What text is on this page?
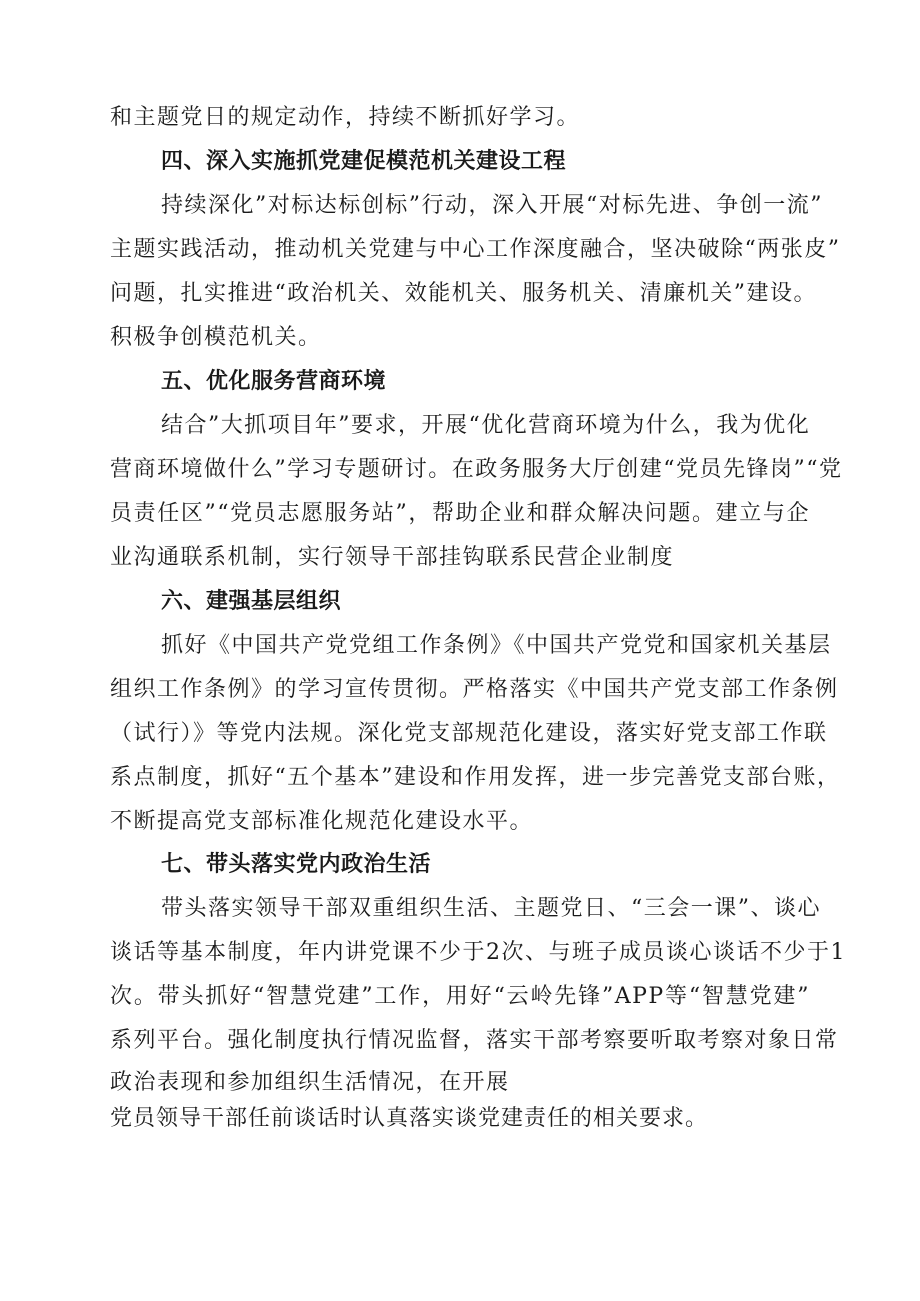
和主题党日的规定动作，持续不断抓好学习。
四、深入实施抓党建促模范机关建设工程
持续深化”对标达标创标”行动，深入开展“对标先进、争创一流”
主题实践活动，推动机关党建与中心工作深度融合，坚决破除“两张皮”
问题，扎实推进“政治机关、效能机关、服务机关、清廉机关”建设。
积极争创模范机关。
五、优化服务营商环境
结合”大抓项目年”要求，开展“优化营商环境为什么，我为优化
营商环境做什么”学习专题研讨。在政务服务大厅创建“党员先锋岗”“党
员责任区”“党员志愿服务站”，帮助企业和群众解决问题。建立与企
业沟通联系机制，实行领导干部挂钩联系民营企业制度
六、建强基层组织
抓好《中国共产党党组工作条例》《中国共产党党和国家机关基层
组织工作条例》的学习宣传贯彻。严格落实《中国共产党支部工作条例
（试行）》等党内法规。深化党支部规范化建设，落实好党支部工作联
系点制度，抓好“五个基本”建设和作用发挥，进一步完善党支部台账，
不断提高党支部标准化规范化建设水平。
七、带头落实党内政治生活
带头落实领导干部双重组织生活、主题党日、“三会一课”、谈心
谈话等基本制度，年内讲党课不少于2次、与班子成员谈心谈话不少于1
次。带头抓好“智慧党建”工作，用好“云岭先锋”APP等“智慧党建”
系列平台。强化制度执行情况监督，落实干部考察要听取考察对象日常
政治表现和参加组织生活情况，在开展
党员领导干部任前谈话时认真落实谈党建责任的相关要求。
